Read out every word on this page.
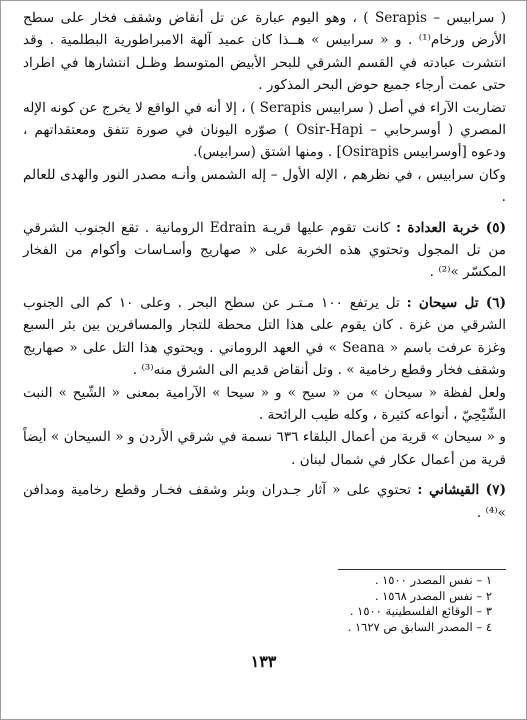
( سرابيس – Serapis ) ، وهو اليوم عبارة عن تل أنقاض وشقف فخار على سطح الأرض ورخام⁽¹⁾ . و « سرابيس » هــذا كان عميد آلهة الامبراطورية البطلمية . وقد انتشرت عبادته في القسم الشرقي للبحر الأبيض المتوسط وظـل انتشارها في اطراد حتى عمت أرجاء جميع حوض البحر المذكور .

تضاربت الآراء في أصل ( سرابيس Serapis ) ، إلا أنه في الواقع لا يخرج عن كونه الإله المصري ( أوسرحابي – Osir-Hapi ) صوّره اليونان في صورة تتفق ومعتقداتهم ، ودعوه [أوسرابيس Osirapis] . ومنها اشتق (سرابيس).

وكان سرابيس ، في نظرهم ، الإله الأول – إله الشمس وأنـه مصدر النور والهدى للعالم .

(٥) خربة العدادة : كانت تقوم عليها قريـة Edrain الرومانية . تقع الجنوب الشرقي من تل المجول وتحتوي هذه الخربة على « صهاريج وأسـاسات وأكوام من الفخار المكسّر »⁽²⁾ .

(٦) تل سيحان : تل يرتفع ١٠٠ مـتـر عن سطح البحر . وعلى ١٠ كم الى الجنوب الشرقي من غزة . كان يقوم على هذا التل محطة للتجار والمسافرين بين بئر السبع وغزة عرفت باسم « Seana » في العهد الروماني . ويحتوي هذا التل على « صهاريج وشقف فخار وقطع رخامية » . وتل أنقاض قديم الى الشرق منه⁽³⁾ .

ولعل لفظة « سيحان » من « سيح » و « سيحا » الآرامية بمعنى « الشّيح » النبت الشّيْحِيّ ، أنواعه كثيرة ، وكله طيب الرائحة .

و « سيحان » قرية من أعمال البلقاء ٦٣٦ نسمة في شرقي الأردن و « السيحان » أيضاً قرية من أعمال عكار في شمال لبنان .

(٧) القيشاني : تحتوي على « آثار جـدران وبئر وشقف فخـار وقطع رخامية ومدافن »⁽⁴⁾ .

١ – نفس المصدر ١٥٠٠ .
٢ – نفس المصدر ١٥٦٨ .
٣ – الوقائع الفلسطينية ١٥٠٠ .
٤ – المصدر السابق ص ١٦٢٧ .
١٣٣
